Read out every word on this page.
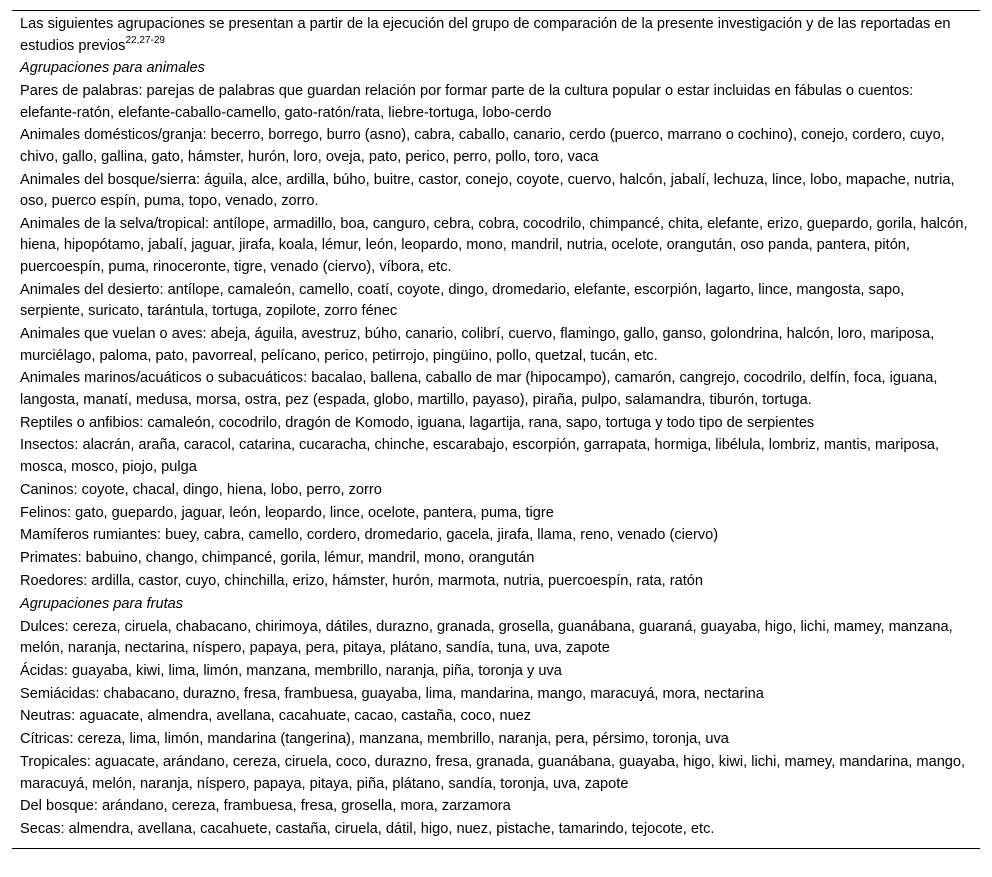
Las siguientes agrupaciones se presentan a partir de la ejecución del grupo de comparación de la presente investigación y de las reportadas en estudios previos$^{22,27-29}$
Agrupaciones para animales
Pares de palabras: parejas de palabras que guardan relación por formar parte de la cultura popular o estar incluidas en fábulas o cuentos: elefante-ratón, elefante-caballo-camello, gato-ratón/rata, liebre-tortuga, lobo-cerdo
Animales domésticos/granja: becerro, borrego, burro (asno), cabra, caballo, canario, cerdo (puerco, marrano o cochino), conejo, cordero, cuyo, chivo, gallo, gallina, gato, hámster, hurón, loro, oveja, pato, perico, perro, pollo, toro, vaca
Animales del bosque/sierra: águila, alce, ardilla, búho, buitre, castor, conejo, coyote, cuervo, halcón, jabalí, lechuza, lince, lobo, mapache, nutria, oso, puerco espín, puma, topo, venado, zorro.
Animales de la selva/tropical: antílope, armadillo, boa, canguro, cebra, cobra, cocodrilo, chimpancé, chita, elefante, erizo, guepardo, gorila, halcón, hiena, hipopótamo, jabalí, jaguar, jirafa, koala, lémur, león, leopardo, mono, mandril, nutria, ocelote, orangután, oso panda, pantera, pitón, puercoespín, puma, rinoceronte, tigre, venado (ciervo), víbora, etc.
Animales del desierto: antílope, camaleón, camello, coatí, coyote, dingo, dromedario, elefante, escorpión, lagarto, lince, mangosta, sapo, serpiente, suricato, tarántula, tortuga, zopilote, zorro fénec
Animales que vuelan o aves: abeja, águila, avestruz, búho, canario, colibrí, cuervo, flamingo, gallo, ganso, golondrina, halcón, loro, mariposa, murciélago, paloma, pato, pavorreal, pelícano, perico, petirrojo, pingüino, pollo, quetzal, tucán, etc.
Animales marinos/acuáticos o subacuáticos: bacalao, ballena, caballo de mar (hipocampo), camarón, cangrejo, cocodrilo, delfín, foca, iguana, langosta, manatí, medusa, morsa, ostra, pez (espada, globo, martillo, payaso), piraña, pulpo, salamandra, tiburón, tortuga.
Reptiles o anfibios: camaleón, cocodrilo, dragón de Komodo, iguana, lagartija, rana, sapo, tortuga y todo tipo de serpientes
Insectos: alacrán, araña, caracol, catarina, cucaracha, chinche, escarabajo, escorpión, garrapata, hormiga, libélula, lombriz, mantis, mariposa, mosca, mosco, piojo, pulga
Caninos: coyote, chacal, dingo, hiena, lobo, perro, zorro
Felinos: gato, guepardo, jaguar, león, leopardo, lince, ocelote, pantera, puma, tigre
Mamíferos rumiantes: buey, cabra, camello, cordero, dromedario, gacela, jirafa, llama, reno, venado (ciervo)
Primates: babuino, chango, chimpancé, gorila, lémur, mandril, mono, orangután
Roedores: ardilla, castor, cuyo, chinchilla, erizo, hámster, hurón, marmota, nutria, puercoespín, rata, ratón
Agrupaciones para frutas
Dulces: cereza, ciruela, chabacano, chirimoya, dátiles, durazno, granada, grosella, guanábana, guaraná, guayaba, higo, lichi, mamey, manzana, melón, naranja, nectarina, níspero, papaya, pera, pitaya, plátano, sandía, tuna, uva, zapote
Ácidas: guayaba, kiwi, lima, limón, manzana, membrillo, naranja, piña, toronja y uva
Semiácidas: chabacano, durazno, fresa, frambuesa, guayaba, lima, mandarina, mango, maracuyá, mora, nectarina
Neutras: aguacate, almendra, avellana, cacahuate, cacao, castaña, coco, nuez
Cítricas: cereza, lima, limón, mandarina (tangerina), manzana, membrillo, naranja, pera, pérsimo, toronja, uva
Tropicales: aguacate, arándano, cereza, ciruela, coco, durazno, fresa, granada, guanábana, guayaba, higo, kiwi, lichi, mamey, mandarina, mango, maracuyá, melón, naranja, níspero, papaya, pitaya, piña, plátano, sandía, toronja, uva, zapote
Del bosque: arándano, cereza, frambuesa, fresa, grosella, mora, zarzamora
Secas: almendra, avellana, cacahuete, castaña, ciruela, dátil, higo, nuez, pistache, tamarindo, tejocote, etc.
